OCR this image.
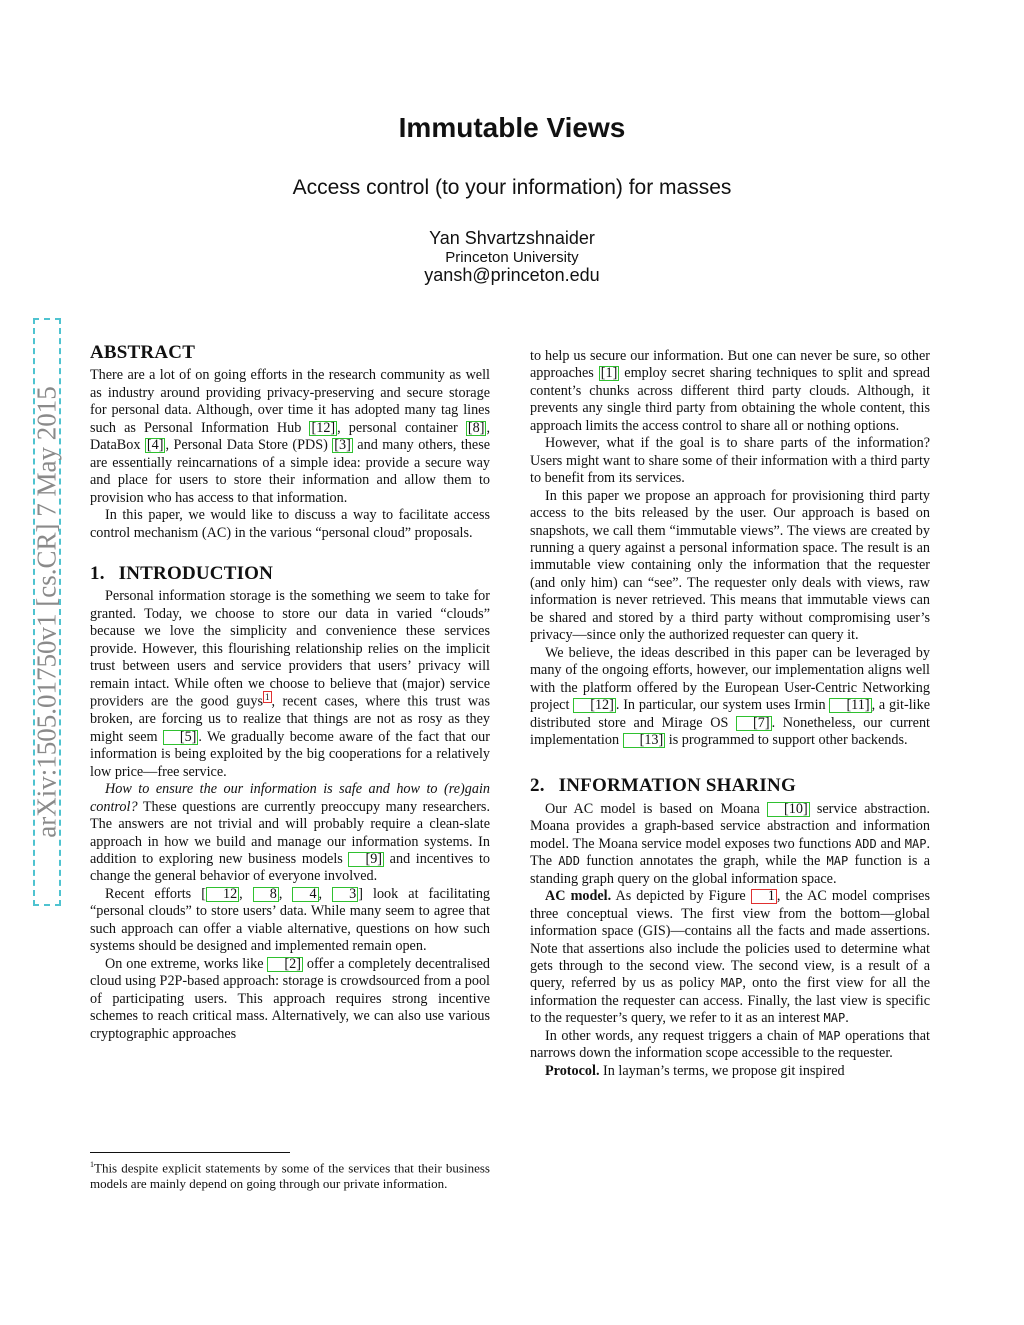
Immutable Views
Access control (to your information) for masses
Yan Shvartzshnaider
Princeton University
yansh@princeton.edu
arXiv:1505.01750v1 [cs.CR] 7 May 2015
ABSTRACT

There are a lot of on going efforts in the research community as well as industry around providing privacy-preserving and secure storage for personal data. Although, over time it has adopted many tag lines such as Personal Information Hub [12] , personal container [8] , DataBox [4] , Personal Data Store (PDS) [3] and many others, these are essentially reincarnations of a simple idea: provide a secure way and place for users to store their information and allow them to provision who has access to that information.

In this paper, we would like to discuss a way to facilitate access control mechanism (AC) in the various “personal cloud” proposals.

1. INTRODUCTION

Personal information storage is the something we seem to take for granted. Today, we choose to store our data in varied “clouds” because we love the simplicity and convenience these services provide. However, this flourishing relationship relies on the implicit trust between users and service providers that users’ privacy will remain intact. While often we choose to believe that (major) service providers are the good guys $^1$ , recent cases, where this trust was broken, are forcing us to realize that things are not as rosy as they might seem [5] . We gradually become aware of the fact that our information is being exploited by the big cooperations for a relatively low price—free service.

How to ensure the our information is safe and how to (re)gain control? These questions are currently preoccupy many researchers. The answers are not trivial and will probably require a clean-slate approach in how we build and manage our information systems. In addition to exploring new business models [9] and incentives to change the general behavior of everyone involved.

Recent efforts [ 12 , 8 , 4 , 3 ] look at facilitating “personal clouds” to store users’ data. While many seem to agree that such approach can offer a viable alternative, questions on how such systems should be designed and implemented remain open.

On one extreme, works like [2] offer a completely decentralised cloud using P2P-based approach: storage is crowdsourced from a pool of participating users. This approach requires strong incentive schemes to reach critical mass. Alternatively, we can also use various cryptographic approaches

$^1$This despite explicit statements by some of the services that their business models are mainly depend on going through our private information.

to help us secure our information. But one can never be sure, so other approaches [1] employ secret sharing techniques to split and spread content’s chunks across different third party clouds. Although, it prevents any single third party from obtaining the whole content, this approach limits the access control to share all or nothing options.

However, what if the goal is to share parts of the information? Users might want to share some of their information with a third party to benefit from its services.

In this paper we propose an approach for provisioning third party access to the bits released by the user. Our approach is based on snapshots, we call them “immutable views”. The views are created by running a query against a personal information space. The result is an immutable view containing only the information that the requester (and only him) can “see”. The requester only deals with views, raw information is never retrieved. This means that immutable views can be shared and stored by a third party without compromising user’s privacy—since only the authorized requester can query it.

We believe, the ideas described in this paper can be leveraged by many of the ongoing efforts, however, our implementation aligns well with the platform offered by the European User-Centric Networking project [12] . In particular, our system uses Irmin [11] , a git-like distributed store and Mirage OS [7] . Nonetheless, our current implementation [13] is programmed to support other backends.

2. INFORMATION SHARING

Our AC model is based on Moana [10] service abstraction. Moana provides a graph-based service abstraction and information model. The Moana service model exposes two functions ADD and MAP. The ADD function annotates the graph, while the MAP function is a standing graph query on the global information space.

AC model. As depicted by Figure 1 , the AC model comprises three conceptual views. The first view from the bottom—global information space (GIS)—contains all the facts and made assertions. Note that assertions also include the policies used to determine what gets through to the second view. The second view, is a result of a query, referred by us as policy MAP, onto the first view for all the information the requester can access. Finally, the last view is specific to the requester’s query, we refer to it as an interest MAP.

In other words, any request triggers a chain of MAP operations that narrows down the information scope accessible to the requester.

Protocol. In layman’s terms, we propose git inspired
